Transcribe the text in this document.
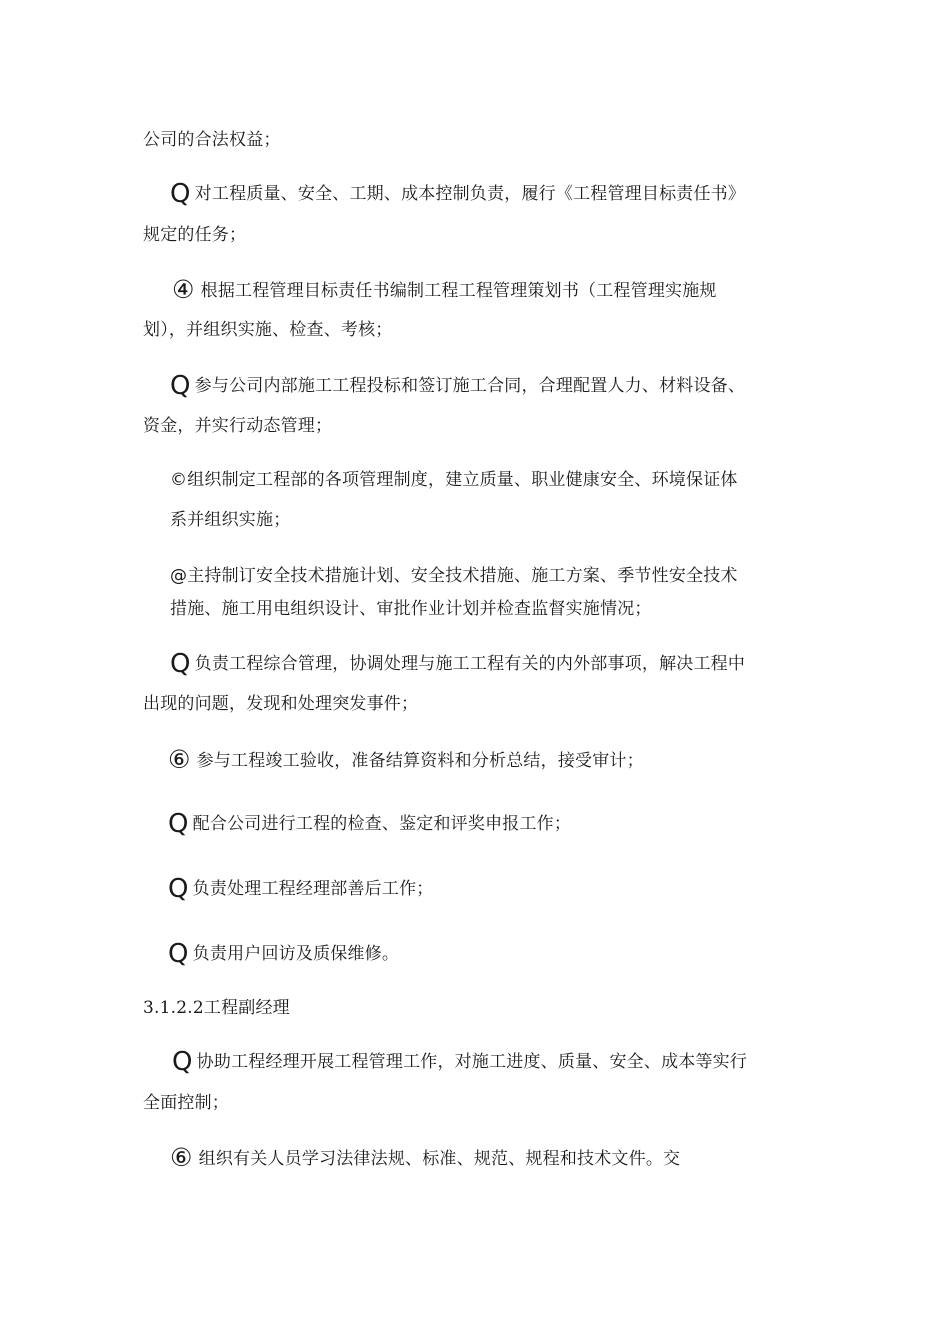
公司的合法权益；
Q对工程质量、安全、工期、成本控制负责，履行《工程管理目标责任书》
规定的任务；
④ 根据工程管理目标责任书编制工程工程管理策划书（工程管理实施规
划），并组织实施、检查、考核；
Q参与公司内部施工工程投标和签订施工合同，合理配置人力、材料设备、
资金，并实行动态管理；
©组织制定工程部的各项管理制度，建立质量、职业健康安全、环境保证体
系并组织实施；
@主持制订安全技术措施计划、安全技术措施、施工方案、季节性安全技术
措施、施工用电组织设计、审批作业计划并检查监督实施情况；
Q负责工程综合管理，协调处理与施工工程有关的内外部事项，解决工程中
出现的问题，发现和处理突发事件；
⑥ 参与工程竣工验收，准备结算资料和分析总结，接受审计；
Q配合公司进行工程的检查、鉴定和评奖申报工作；
Q负责处理工程经理部善后工作；
Q负责用户回访及质保维修。
3.1.2.2工程副经理
Q协助工程经理开展工程管理工作，对施工进度、质量、安全、成本等实行
全面控制；
⑥ 组织有关人员学习法律法规、标准、规范、规程和技术文件。交
